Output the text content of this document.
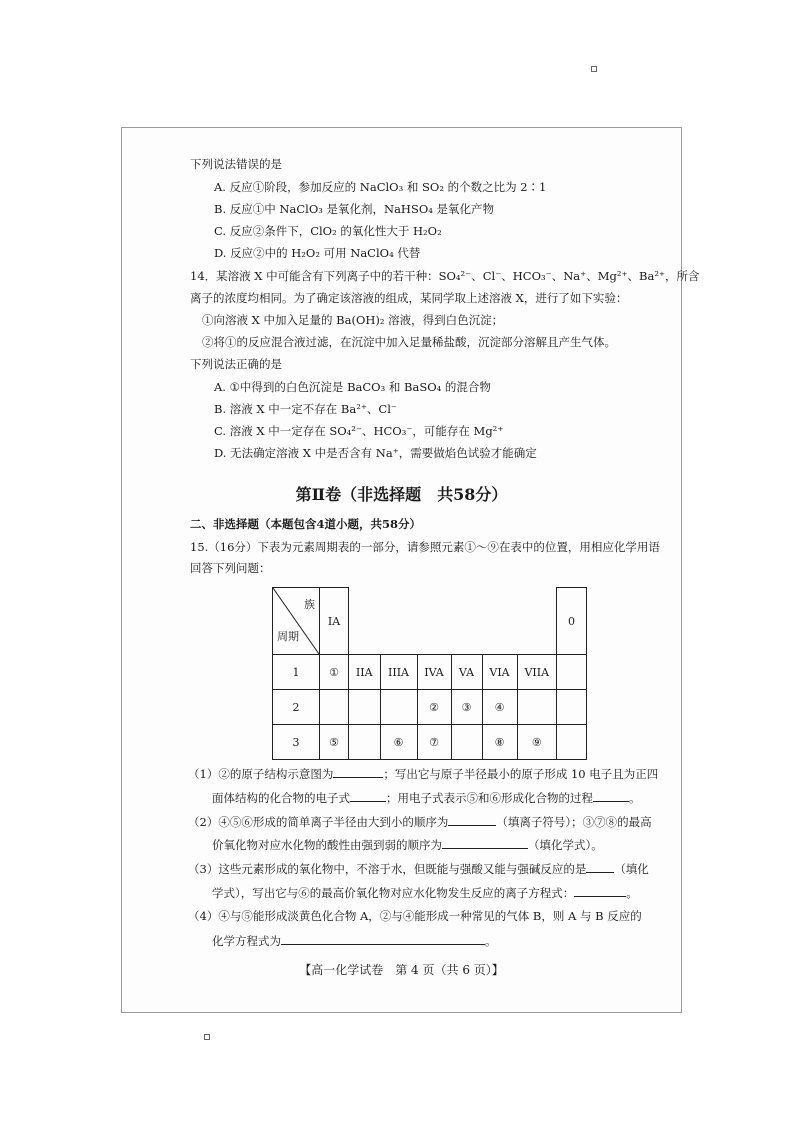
下列说法错误的是
A. 反应①阶段，参加反应的 NaClO₃ 和 SO₂ 的个数之比为 2∶1
B. 反应①中 NaClO₃ 是氧化剂，NaHSO₄ 是氧化产物
C. 反应②条件下，ClO₂ 的氧化性大于 H₂O₂
D. 反应②中的 H₂O₂ 可用 NaClO₄ 代替
14．某溶液 X 中可能含有下列离子中的若干种：SO₄²⁻、Cl⁻、HCO₃⁻、Na⁺、Mg²⁺、Ba²⁺，所含
离子的浓度均相同。为了确定该溶液的组成，某同学取上述溶液 X，进行了如下实验：
①向溶液 X 中加入足量的 Ba(OH)₂ 溶液，得到白色沉淀；
②将①的反应混合液过滤，在沉淀中加入足量稀盐酸，沉淀部分溶解且产生气体。
下列说法正确的是
A. ①中得到的白色沉淀是 BaCO₃ 和 BaSO₄ 的混合物
B. 溶液 X 中一定不存在 Ba²⁺、Cl⁻
C. 溶液 X 中一定存在 SO₄²⁻、HCO₃⁻，可能存在 Mg²⁺
D. 无法确定溶液 X 中是否含有 Na⁺，需要做焰色试验才能确定
第Ⅱ卷（非选择题　共58分）
二、非选择题（本题包含4道小题，共58分）
15.（16分）下表为元素周期表的一部分，请参照元素①～⑨在表中的位置，用相应化学用语
回答下列问题：
族
周期	IA							0
1	①	IIA	IIIA	IVA	VA	VIA	VIIA	
2				②	③	④		
3	⑤		⑥	⑦		⑧	⑨	
（1）②的原子结构示意图为	；写出它与原子半径最小的原子形成 10 电子且为正四
面体结构的化合物的电子式	；用电子式表示⑤和⑥形成化合物的过程	。
（2）④⑤⑥形成的简单离子半径由大到小的顺序为	（填离子符号）；③⑦⑧的最高
价氧化物对应水化物的酸性由强到弱的顺序为	（填化学式）。
（3）这些元素形成的氧化物中，不溶于水，但既能与强酸又能与强碱反应的是 （填化
学式），写出它与⑥的最高价氧化物对应水化物发生反应的离子方程式：	。
（4）④与⑤能形成淡黄色化合物 A，②与④能形成一种常见的气体 B，则 A 与 B 反应的
化学方程式为	。
【高一化学试卷　第 4 页（共 6 页）】
